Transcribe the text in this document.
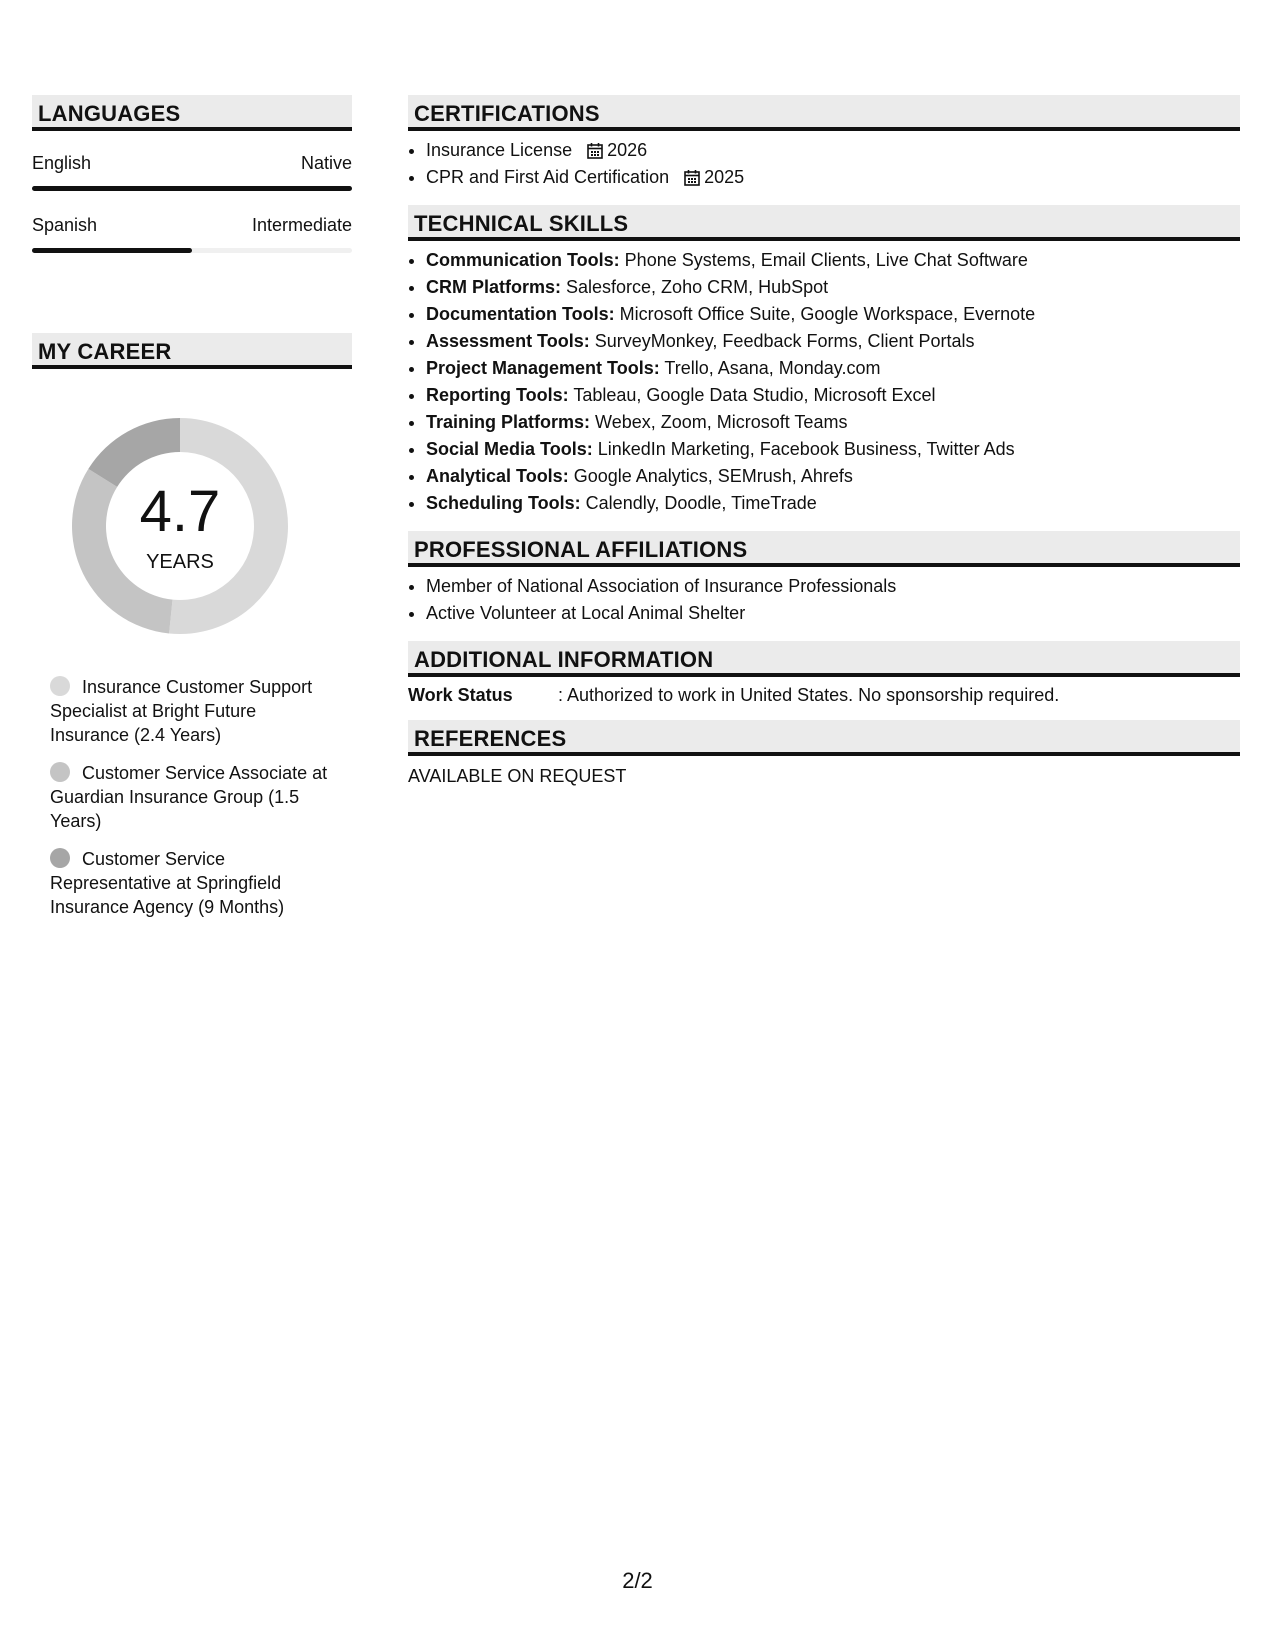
LANGUAGES
English	Native
Spanish	Intermediate
MY CAREER
4.7
YEARS
Insurance Customer Support Specialist at Bright Future Insurance (2.4 Years)
Customer Service Associate at Guardian Insurance Group (1.5 Years)
Customer Service Representative at Springfield Insurance Agency (9 Months)
CERTIFICATIONS
• Insurance License 2026
• CPR and First Aid Certification 2025
TECHNICAL SKILLS
• Communication Tools: Phone Systems, Email Clients, Live Chat Software
• CRM Platforms: Salesforce, Zoho CRM, HubSpot
• Documentation Tools: Microsoft Office Suite, Google Workspace, Evernote
• Assessment Tools: SurveyMonkey, Feedback Forms, Client Portals
• Project Management Tools: Trello, Asana, Monday.com
• Reporting Tools: Tableau, Google Data Studio, Microsoft Excel
• Training Platforms: Webex, Zoom, Microsoft Teams
• Social Media Tools: LinkedIn Marketing, Facebook Business, Twitter Ads
• Analytical Tools: Google Analytics, SEMrush, Ahrefs
• Scheduling Tools: Calendly, Doodle, TimeTrade
PROFESSIONAL AFFILIATIONS
• Member of National Association of Insurance Professionals
• Active Volunteer at Local Animal Shelter
ADDITIONAL INFORMATION
Work Status	: Authorized to work in United States. No sponsorship required.
REFERENCES
AVAILABLE ON REQUEST
2/2
